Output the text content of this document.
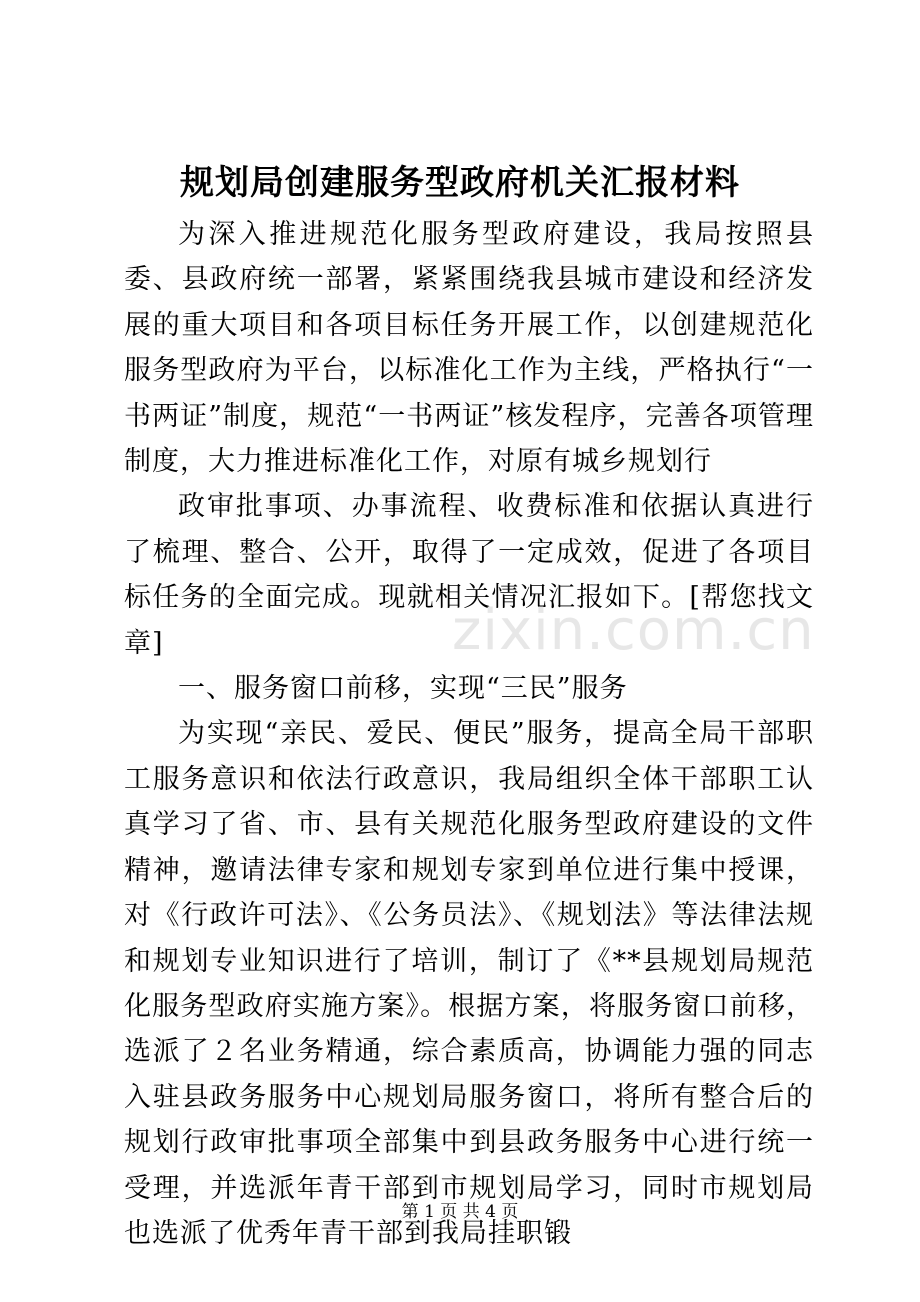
规划局创建服务型政府机关汇报材料

为深入推进规范化服务型政府建设，我局按照县委、县政府统一部署，紧紧围绕我县城市建设和经济发展的重大项目和各项目标任务开展工作，以创建规范化服务型政府为平台，以标准化工作为主线，严格执行“一书两证”制度，规范“一书两证”核发程序，完善各项管理制度，大力推进标准化工作，对原有城乡规划行

政审批事项、办事流程、收费标准和依据认真进行了梳理、整合、公开，取得了一定成效，促进了各项目标任务的全面完成。现就相关情况汇报如下。[帮您找文章]

一、服务窗口前移，实现“三民”服务

为实现“亲民、爱民、便民”服务，提高全局干部职工服务意识和依法行政意识，我局组织全体干部职工认真学习了省、市、县有关规范化服务型政府建设的文件精神，邀请法律专家和规划专家到单位进行集中授课，对《行政许可法》、《公务员法》、《规划法》等法律法规和规划专业知识进行了培训，制订了《**县规划局规范化服务型政府实施方案》。根据方案，将服务窗口前移，选派了２名业务精通，综合素质高，协调能力强的同志入驻县政务服务中心规划局服务窗口，将所有整合后的规划行政审批事项全部集中到县政务服务中心进行统一受理，并选派年青干部到市规划局学习，同时市规划局也选派了优秀年青干部到我局挂职锻

zixin.com.cn
第 1 页 共 4 页
